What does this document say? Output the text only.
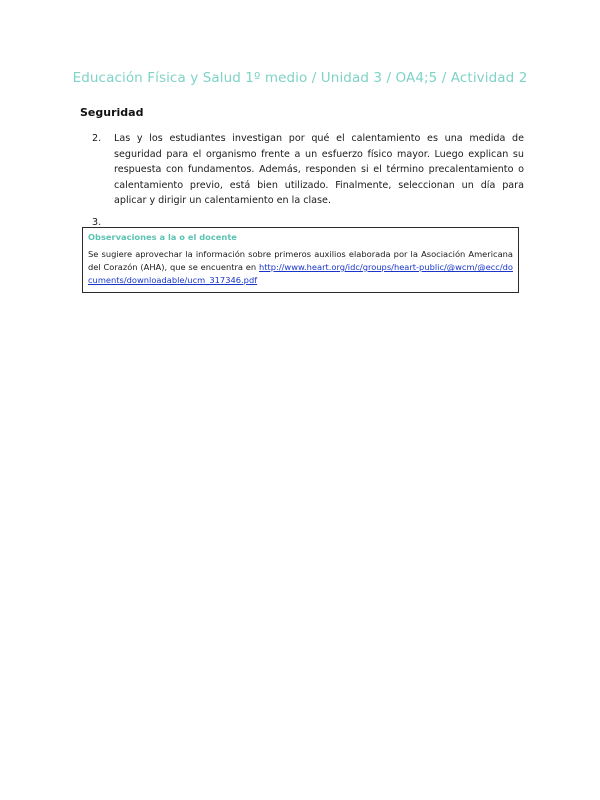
Educación Física y Salud 1º medio / Unidad 3 / OA4;5 / Actividad 2
Seguridad
2.	Las y los estudiantes investigan por qué el calentamiento es una medida de seguridad para el organismo frente a un esfuerzo físico mayor. Luego explican su respuesta con fundamentos. Además, responden si el término precalentamiento o calentamiento previo, está bien utilizado. Finalmente, seleccionan un día para aplicar y dirigir un calentamiento en la clase.
3.
Observaciones a la o el docente
Se sugiere aprovechar la información sobre primeros auxilios elaborada por la Asociación Americana del Corazón (AHA), que se encuentra en http://www.heart.org/idc/groups/heart-public/@wcm/@ecc/documents/downloadable/ucm_317346.pdf
